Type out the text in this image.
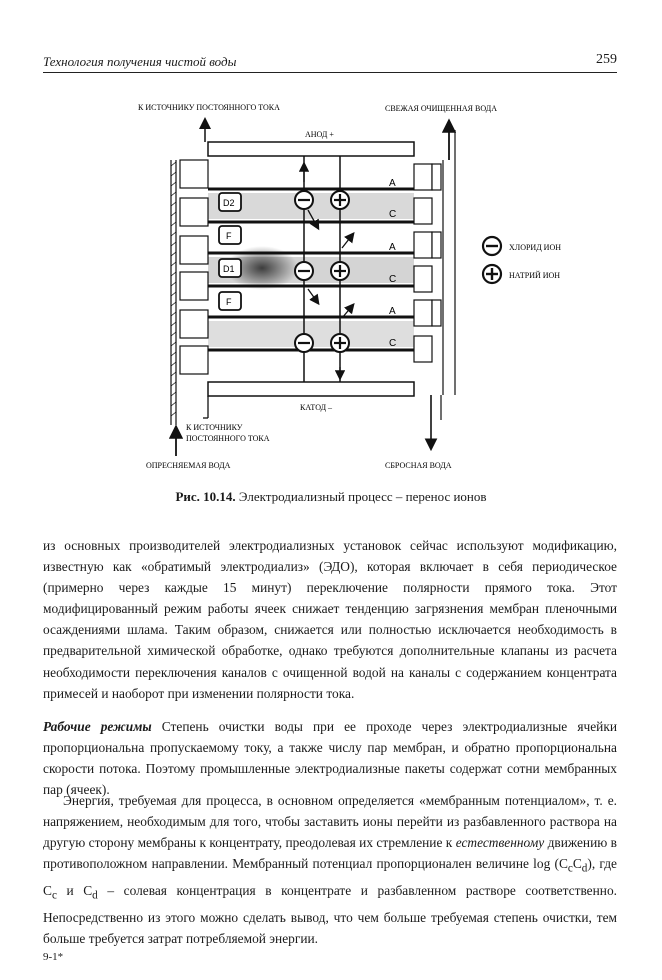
Технология получения чистой воды	259
К ИСТОЧНИКУ ПОСТОЯННОГО ТОКА	СВЕЖАЯ ОЧИЩЕННАЯ ВОДА
АНОД +
A
C
A
C
A
C
КАТОД –
D2
F
D1
F
ХЛОРИД ИОН
НАТРИЙ ИОН
К ИСТОЧНИКУ
ПОСТОЯННОГО ТОКА
ОПРЕСНЯЕМАЯ ВОДА	СБРОСНАЯ ВОДА
Рис. 10.14. Электродиализный процесс – перенос ионов

из основных производителей электродиализных установок сейчас используют модификацию, известную как «обратимый электродиализ» (ЭДО), которая включает в себя периодическое (примерно через каждые 15 минут) переключение полярности прямого тока. Этот модифицированный режим работы ячеек снижает тенденцию загрязнения мембран пленочными осаждениями шлама. Таким образом, снижается или полностью исключается необходимость в предварительной химической обработке, однако требуются дополнительные клапаны из расчета необходимости переключения каналов с очищенной водой на каналы с содержанием концентрата примесей и наоборот при изменении полярности тока.

Рабочие режимы Степень очистки воды при ее проходе через электродиализные ячейки пропорциональна пропускаемому току, а также числу пар мембран, и обратно пропорциональна скорости потока. Поэтому промышленные электродиализные пакеты содержат сотни мембранных пар (ячеек).

Энергия, требуемая для процесса, в основном определяется «мембранным потенциалом», т. е. напряжением, необходимым для того, чтобы заставить ионы перейти из разбавленного раствора на другую сторону мембраны к концентрату, преодолевая их стремление к естественному движению в противоположном направлении. Мембранный потенциал пропорционален величине $\log (C_cC_d)$, где $C_c$ и $C_d$ – солевая концентрация в концентрате и разбавленном растворе соответственно. Непосредственно из этого можно сделать вывод, что чем больше требуемая степень очистки, тем больше требуется затрат потребляемой энергии.

9-1*
